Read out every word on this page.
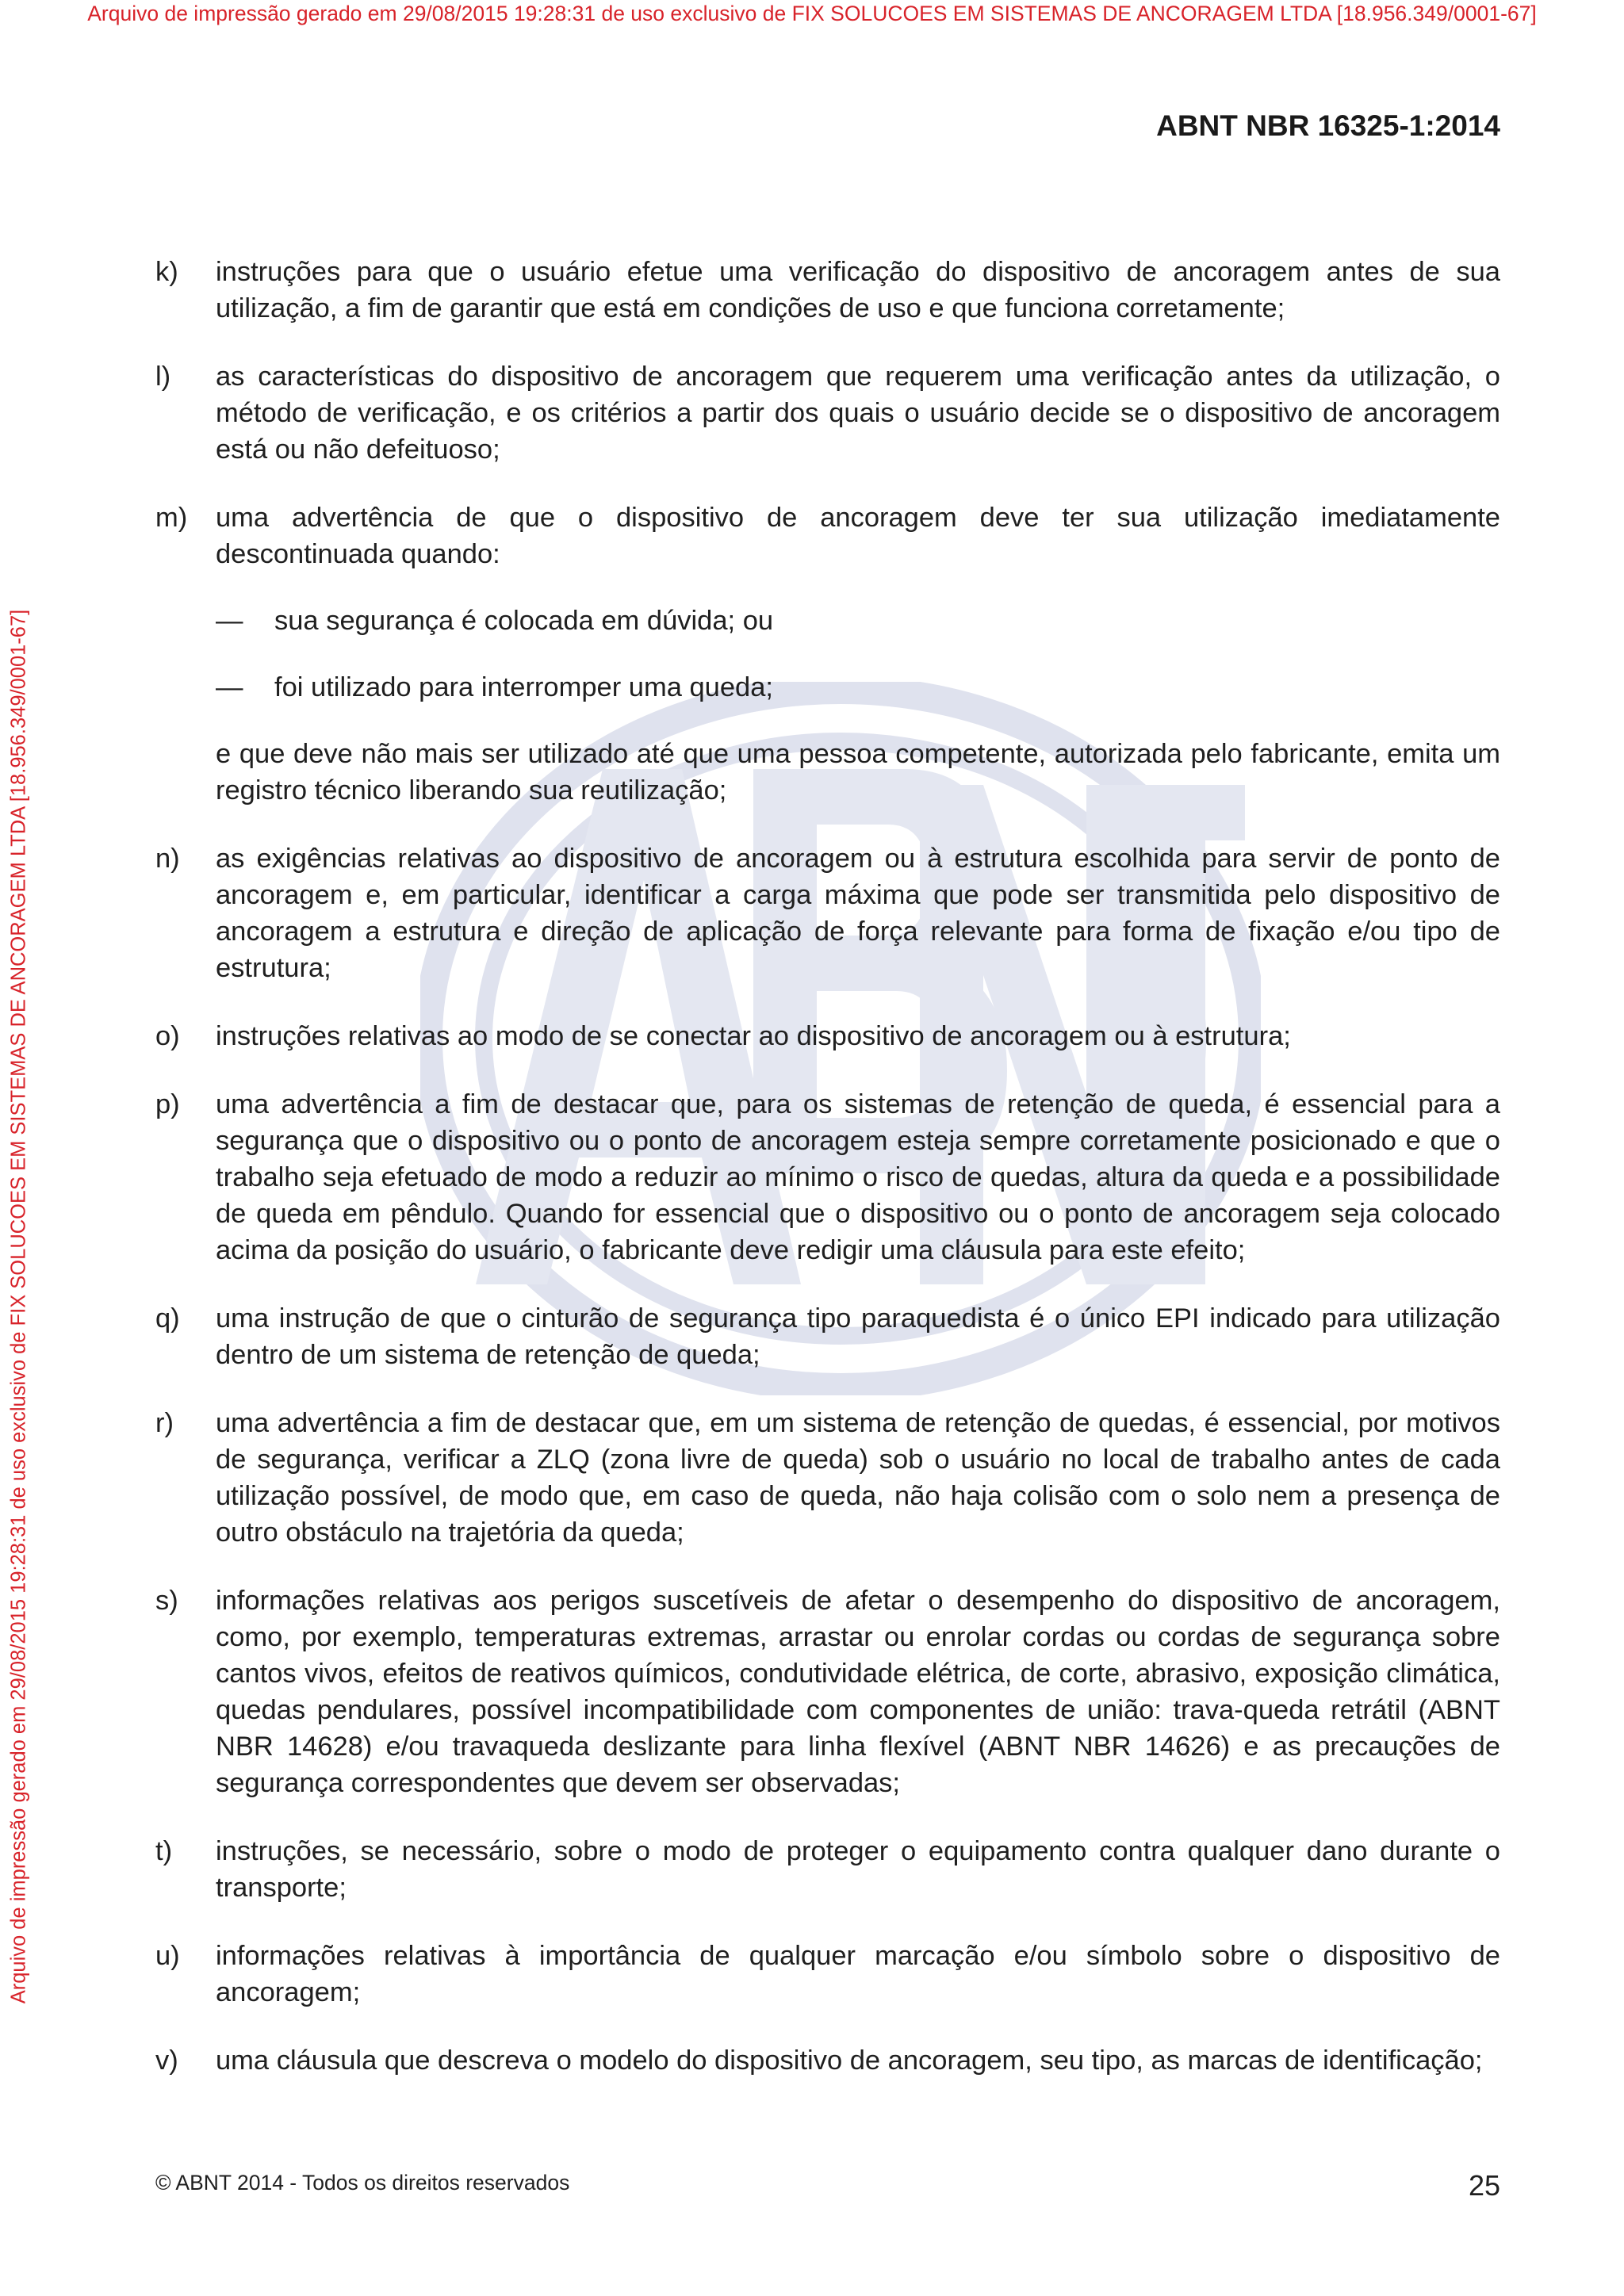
Arquivo de impressão gerado em 29/08/2015 19:28:31 de uso exclusivo de FIX SOLUCOES EM SISTEMAS DE ANCORAGEM LTDA [18.956.349/0001-67]
Arquivo de impressão gerado em 29/08/2015 19:28:31 de uso exclusivo de FIX SOLUCOES EM SISTEMAS DE ANCORAGEM LTDA [18.956.349/0001-67]
ABNT NBR 16325-1:2014
k) instruções para que o usuário efetue uma verificação do dispositivo de ancoragem antes de sua utilização, a fim de garantir que está em condições de uso e que funciona corretamente;
l) as características do dispositivo de ancoragem que requerem uma verificação antes da utilização, o método de verificação, e os critérios a partir dos quais o usuário decide se o dispositivo de ancoragem está ou não defeituoso;
m) uma advertência de que o dispositivo de ancoragem deve ter sua utilização imediatamente descontinuada quando:
— sua segurança é colocada em dúvida; ou
— foi utilizado para interromper uma queda;
e que deve não mais ser utilizado até que uma pessoa competente, autorizada pelo fabricante, emita um registro técnico liberando sua reutilização;
n) as exigências relativas ao dispositivo de ancoragem ou à estrutura escolhida para servir de ponto de ancoragem e, em particular, identificar a carga máxima que pode ser transmitida pelo dispositivo de ancoragem a estrutura e direção de aplicação de força relevante para forma de fixação e/ou tipo de estrutura;
o) instruções relativas ao modo de se conectar ao dispositivo de ancoragem ou à estrutura;
p) uma advertência a fim de destacar que, para os sistemas de retenção de queda, é essencial para a segurança que o dispositivo ou o ponto de ancoragem esteja sempre corretamente posicionado e que o trabalho seja efetuado de modo a reduzir ao mínimo o risco de quedas, altura da queda e a possibilidade de queda em pêndulo. Quando for essencial que o dispositivo ou o ponto de ancoragem seja colocado acima da posição do usuário, o fabricante deve redigir uma cláusula para este efeito;
q) uma instrução de que o cinturão de segurança tipo paraquedista é o único EPI indicado para utilização dentro de um sistema de retenção de queda;
r) uma advertência a fim de destacar que, em um sistema de retenção de quedas, é essencial, por motivos de segurança, verificar a ZLQ (zona livre de queda) sob o usuário no local de trabalho antes de cada utilização possível, de modo que, em caso de queda, não haja colisão com o solo nem a presença de outro obstáculo na trajetória da queda;
s) informações relativas aos perigos suscetíveis de afetar o desempenho do dispositivo de ancoragem, como, por exemplo, temperaturas extremas, arrastar ou enrolar cordas ou cordas de segurança sobre cantos vivos, efeitos de reativos químicos, condutividade elétrica, de corte, abrasivo, exposição climática, quedas pendulares, possível incompatibilidade com componentes de união: trava-queda retrátil (ABNT NBR 14628) e/ou travaqueda deslizante para linha flexível (ABNT NBR 14626) e as precauções de segurança correspondentes que devem ser observadas;
t) instruções, se necessário, sobre o modo de proteger o equipamento contra qualquer dano durante o transporte;
u) informações relativas à importância de qualquer marcação e/ou símbolo sobre o dispositivo de ancoragem;
v) uma cláusula que descreva o modelo do dispositivo de ancoragem, seu tipo, as marcas de identificação;
© ABNT 2014 - Todos os direitos reservados	25
